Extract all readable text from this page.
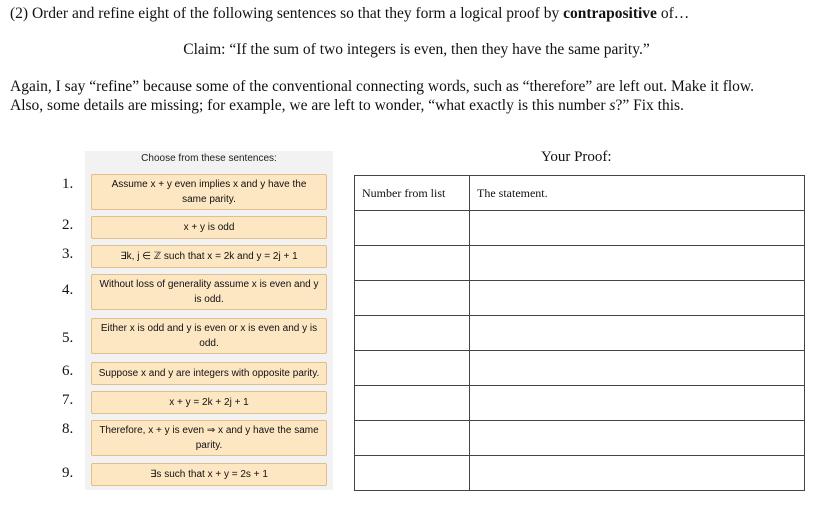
(2) Order and refine eight of the following sentences so that they form a logical proof by contrapositive of…
Claim: “If the sum of two integers is even, then they have the same parity.”
Again, I say “refine” because some of the conventional connecting words, such as “therefore” are left out. Make it flow.
Also, some details are missing; for example, we are left to wonder, “what exactly is this number s?” Fix this.
1.
2.
3.
4.
5.
6.
7.
8.
9.
Choose from these sentences:
Assume x + y even implies x and y have the same parity.
x + y is odd
∃k, j ∈ ℤ such that x = 2k and y = 2j + 1
Without loss of generality assume x is even and y is odd.
Either x is odd and y is even or x is even and y is odd.
Suppose x and y are integers with opposite parity.
x + y = 2k + 2j + 1
Therefore, x + y is even ⇒ x and y have the same parity.
∃s such that x + y = 2s + 1
Your Proof:
Number from list	The statement.
